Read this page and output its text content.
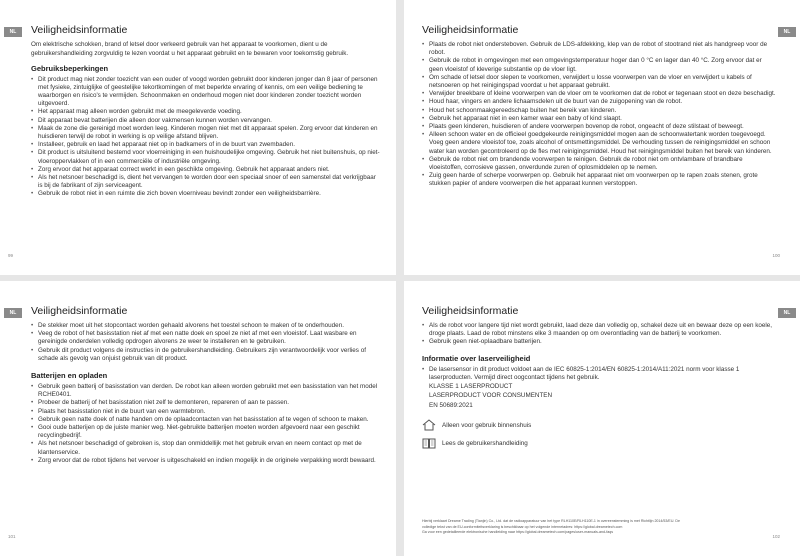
NL	Veiligheidsinformatie

Om elektrische schokken, brand of letsel door verkeerd gebruik van het apparaat te voorkomen, dient u de gebruikershandleiding zorgvuldig te lezen voordat u het apparaat gebruikt en te bewaren voor toekomstig gebruik.

Gebruiksbeperkingen
• Dit product mag niet zonder toezicht van een ouder of voogd worden gebruikt door kinderen jonger dan 8 jaar of personen met fysieke, zintuiglijke of geestelijke tekortkomingen of met beperkte ervaring of kennis, om een veilige bediening te waarborgen en risico's te vermijden. Schoonmaken en onderhoud mogen niet door kinderen zonder toezicht worden uitgevoerd.
• Het apparaat mag alleen worden gebruikt met de meegeleverde voeding.
• Dit apparaat bevat batterijen die alleen door vakmensen kunnen worden vervangen.
• Maak de zone die gereinigd moet worden leeg. Kinderen mogen niet met dit apparaat spelen. Zorg ervoor dat kinderen en huisdieren terwijl de robot in werking is op veilige afstand blijven.
• Installeer, gebruik en laad het apparaat niet op in badkamers of in de buurt van zwembaden.
• Dit product is uitsluitend bestemd voor vloerreiniging in een huishoudelijke omgeving. Gebruik het niet buitenshuis, op niet-vloeroppervlakken of in een commerciële of industriële omgeving.
• Zorg ervoor dat het apparaat correct werkt in een geschikte omgeving. Gebruik het apparaat anders niet.
• Als het netsnoer beschadigd is, dient het vervangen te worden door een speciaal snoer of een samenstel dat verkrijgbaar is bij de fabrikant of zijn serviceagent.
• Gebruik de robot niet in een ruimte die zich boven vloerniveau bevindt zonder een veiligheidsbarrière.
99
NL
Veiligheidsinformatie
• Plaats de robot niet ondersteboven. Gebruik de LDS-afdekking, klep van de robot of stootrand niet als handgreep voor de robot.
• Gebruik de robot in omgevingen met een omgevingstemperatuur hoger dan 0 °C en lager dan 40 °C. Zorg ervoor dat er geen vloeistof of kleverige substantie op de vloer ligt.
• Om schade of letsel door slepen te voorkomen, verwijdert u losse voorwerpen van de vloer en verwijdert u kabels of netsnoeren op het reinigingspad voordat u het apparaat gebruikt.
• Verwijder breekbare of kleine voorwerpen van de vloer om te voorkomen dat de robot er tegenaan stoot en deze beschadigt.
• Houd haar, vingers en andere lichaamsdelen uit de buurt van de zuigopening van de robot.
• Houd het schoonmaakgereedschap buiten het bereik van kinderen.
• Gebruik het apparaat niet in een kamer waar een baby of kind slaapt.
• Plaats geen kinderen, huisdieren of andere voorwerpen bovenop de robot, ongeacht of deze stilstaat of beweegt.
• Alleen schoon water en de officieel goedgekeurde reinigingsmiddel mogen aan de schoonwatertank worden toegevoegd. Voeg geen andere vloeistof toe, zoals alcohol of ontsmettingsmiddel. De verhouding tussen de reinigingsmiddel en schoon water kan worden gecontroleerd op de fles met reinigingsmiddel. Houd het reinigingsmiddel buiten het bereik van kinderen.
• Gebruik de robot niet om brandende voorwerpen te reinigen. Gebruik de robot niet om ontvlambare of brandbare vloeistoffen, corrosieve gassen, onverdunde zuren of oplosmiddelen op te nemen.
• Zuig geen harde of scherpe voorwerpen op. Gebruik het apparaat niet om voorwerpen op te rapen zoals stenen, grote stukken papier of andere voorwerpen die het apparaat kunnen verstoppen.
100
NL	Veiligheidsinformatie
• De stekker moet uit het stopcontact worden gehaald alvorens het toestel schoon te maken of te onderhouden.
• Veeg de robot of het basisstation niet af met een natte doek en spoel ze niet af met een vloeistof. Laat wasbare en gereinigde onderdelen volledig opdrogen alvorens ze weer te installeren en te gebruiken.
• Gebruik dit product volgens de instructies in de gebruikershandleiding. Gebruikers zijn verantwoordelijk voor verlies of schade als gevolg van onjuist gebruik van dit product.
Batterijen en opladen
• Gebruik geen batterij of basisstation van derden. De robot kan alleen worden gebruikt met een basisstation van het model RCHE0401.
• Probeer de batterij of het basisstation niet zelf te demonteren, repareren of aan te passen.
• Plaats het basisstation niet in de buurt van een warmtebron.
• Gebruik geen natte doek of natte handen om de oplaadcontacten van het basisstation af te vegen of schoon te maken.
• Gooi oude batterijen op de juiste manier weg. Niet-gebruikte batterijen moeten worden afgevoerd naar een geschikt recyclingbedrijf.
• Als het netsnoer beschadigd of gebroken is, stop dan onmiddellijk met het gebruik ervan en neem contact op met de klantenservice.
• Zorg ervoor dat de robot tijdens het vervoer is uitgeschakeld en indien mogelijk in de originele verpakking wordt bewaard.
101
NL
Veiligheidsinformatie
• Als de robot voor langere tijd niet wordt gebruikt, laad deze dan volledig op, schakel deze uit en bewaar deze op een koele, droge plaats. Laad de robot minstens elke 3 maanden op om overontlading van de batterij te voorkomen.
• Gebruik geen niet-oplaadbare batterijen.
Informatie over laserveiligheid
• De lasersensor in dit product voldoet aan de IEC 60825-1:2014/EN 60825-1:2014/A11:2021 norm voor klasse 1 laserproducten. Vermijd direct oogcontact tijdens het gebruik.
KLASSE 1 LASERPRODUCT
LASERPRODUCT VOOR CONSUMENTEN
EN 50689:2021
Alleen voor gebruik binnenshuis
Lees de gebruikershandleiding
Hierbij verklaart Dreame Trading (Tianjin) Co., Ltd. dat de radioapparatuur van het type RLH110E/RLH110E-1 in overeenstemming is met Richtlijn 2014/53/EU. De
volledige tekst van de EU-conformiteitsverklaring is beschikbaar op het volgende internetadres: https://global.dreametech.com
Ga voor een gedetailleerde elektronische handleiding naar https://global.dreametech.com/pages/user-manuals-and-faqs
102
